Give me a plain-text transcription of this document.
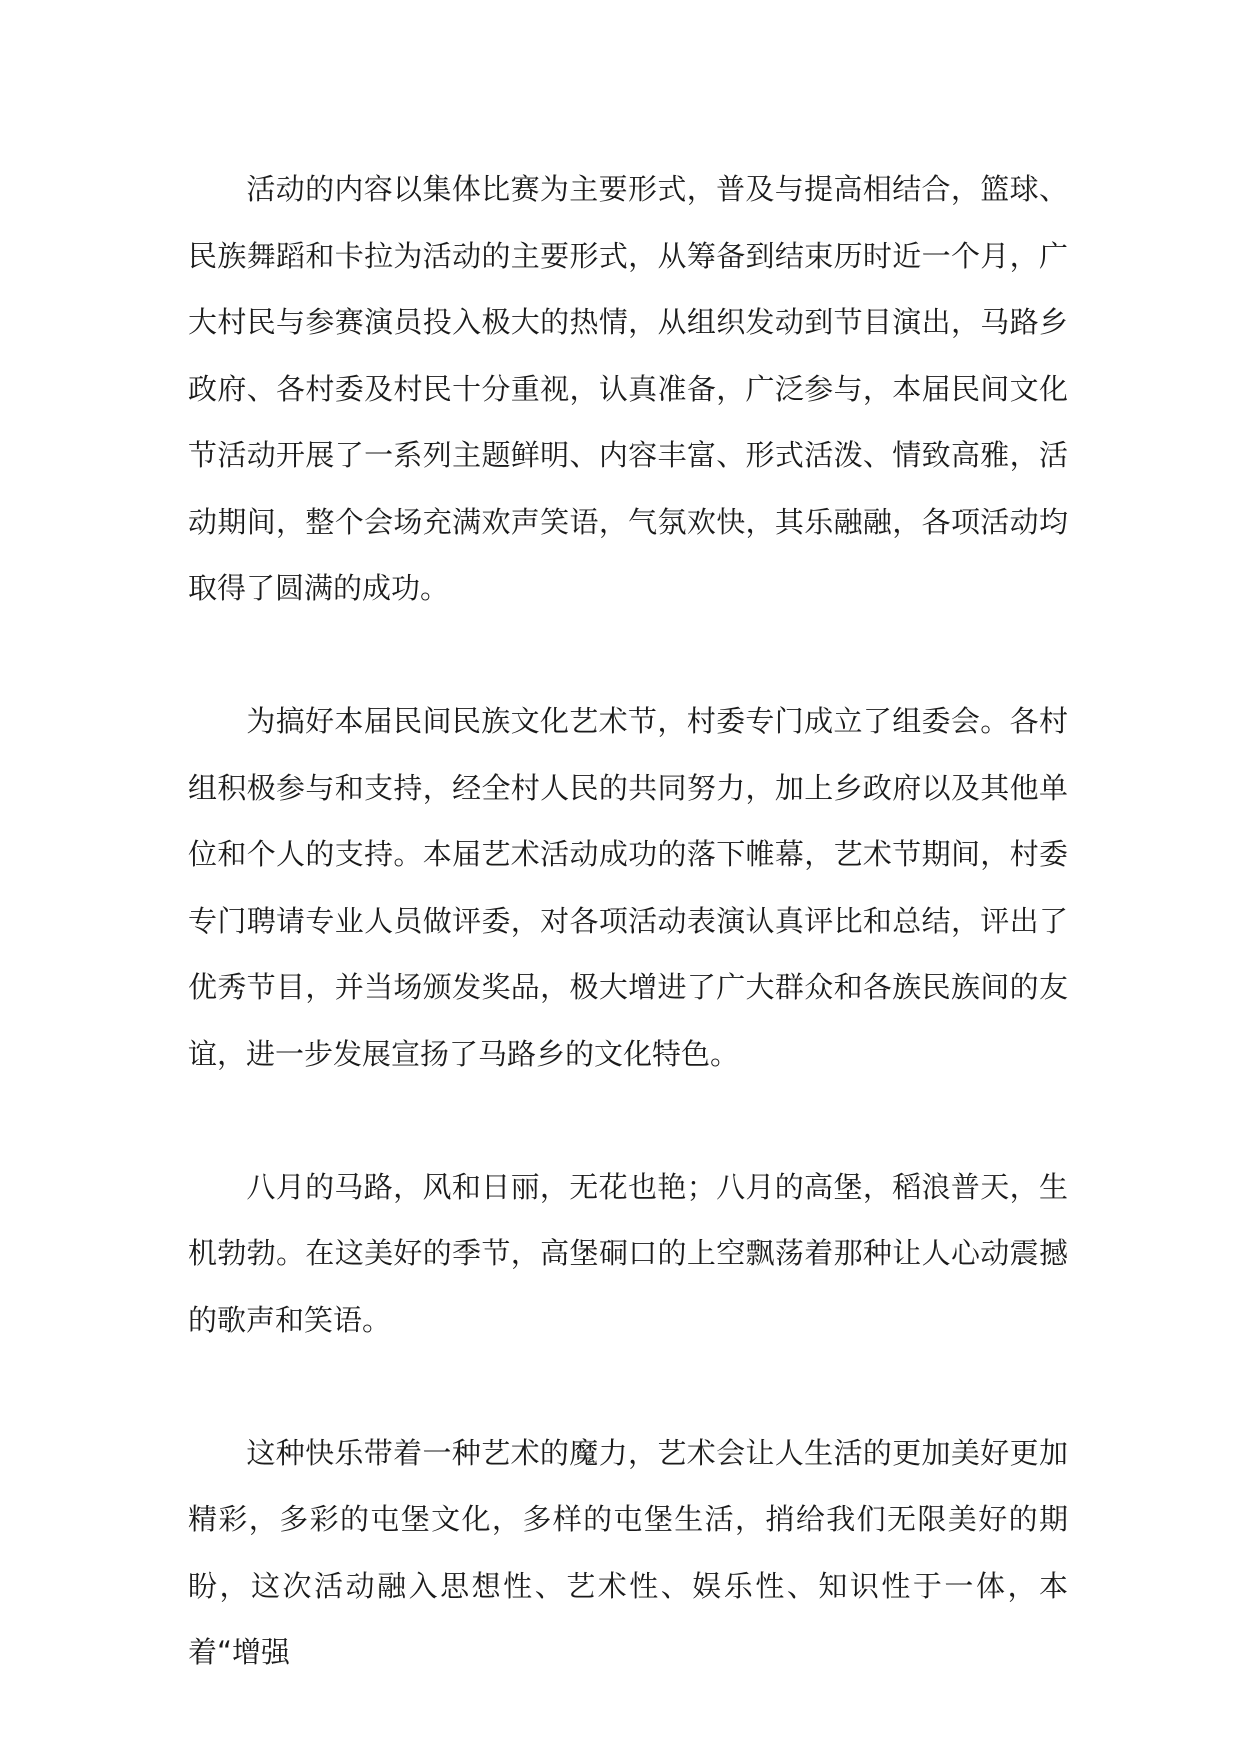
活动的内容以集体比赛为主要形式，普及与提高相结合，篮球、民族舞蹈和卡拉为活动的主要形式，从筹备到结束历时近一个月，广大村民与参赛演员投入极大的热情，从组织发动到节目演出，马路乡政府、各村委及村民十分重视，认真准备，广泛参与，本届民间文化节活动开展了一系列主题鲜明、内容丰富、形式活泼、情致高雅，活动期间，整个会场充满欢声笑语，气氛欢快，其乐融融，各项活动均取得了圆满的成功。

为搞好本届民间民族文化艺术节，村委专门成立了组委会。各村组积极参与和支持，经全村人民的共同努力，加上乡政府以及其他单位和个人的支持。本届艺术活动成功的落下帷幕，艺术节期间，村委专门聘请专业人员做评委，对各项活动表演认真评比和总结，评出了优秀节目，并当场颁发奖品，极大增进了广大群众和各族民族间的友谊，进一步发展宣扬了马路乡的文化特色。

八月的马路，风和日丽，无花也艳；八月的高堡，稻浪普天，生机勃勃。在这美好的季节，高堡硐口的上空飘荡着那种让人心动震撼的歌声和笑语。

这种快乐带着一种艺术的魔力，艺术会让人生活的更加美好更加精彩，多彩的屯堡文化，多样的屯堡生活，捎给我们无限美好的期盼，这次活动融入思想性、艺术性、娱乐性、知识性于一体，本着“增强
